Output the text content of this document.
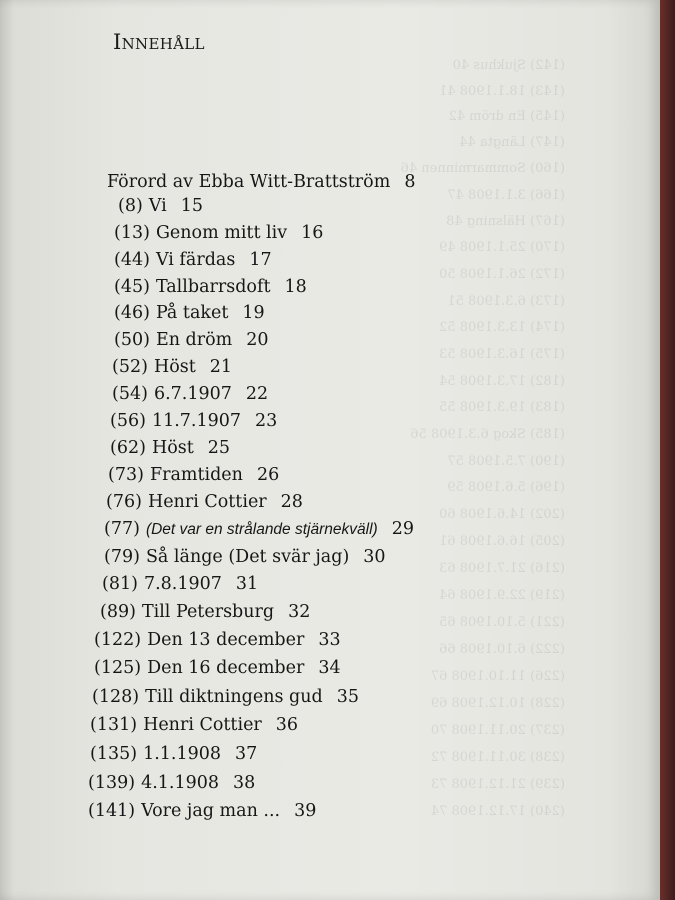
(142) Sjukhus 40
(143) 18.1.1908 41
(145) En dröm 42
(147) Längta 44
(160) Sommarminnen 46
(166) 3.1.1908 47
(167) Hälsning 48
(170) 25.1.1908 49
(172) 26.1.1908 50
(173) 6.3.1908 51
(174) 13.3.1908 52
(175) 16.3.1908 53
(182) 17.3.1908 54
(183) 19.3.1908 55
(185) Skog 6.3.1908 56
(190) 7.5.1908 57
(196) 5.6.1908 59
(202) 14.6.1908 60
(205) 16.6.1908 61
(216) 21.7.1908 63
(219) 22.9.1908 64
(221) 5.10.1908 65
(222) 6.10.1908 66
(226) 11.10.1908 67
(228) 10.12.1908 69
(237) 20.11.1908 70
(238) 30.11.1908 72
(239) 21.12.1908 73
(240) 17.12.1908 74
Innehåll
Förord av Ebba Witt-Brattström 8
(8) Vi 15
(13) Genom mitt liv 16
(44) Vi färdas 17
(45) Tallbarrsdoft 18
(46) På taket 19
(50) En dröm 20
(52) Höst 21
(54) 6.7.1907 22
(56) 11.7.1907 23
(62) Höst 25
(73) Framtiden 26
(76) Henri Cottier 28
(77) (Det var en strålande stjärnekväll) 29
(79) Så länge (Det svär jag) 30
(81) 7.8.1907 31
(89) Till Petersburg 32
(122) Den 13 december 33
(125) Den 16 december 34
(128) Till diktningens gud 35
(131) Henri Cottier 36
(135) 1.1.1908 37
(139) 4.1.1908 38
(141) Vore jag man ... 39
